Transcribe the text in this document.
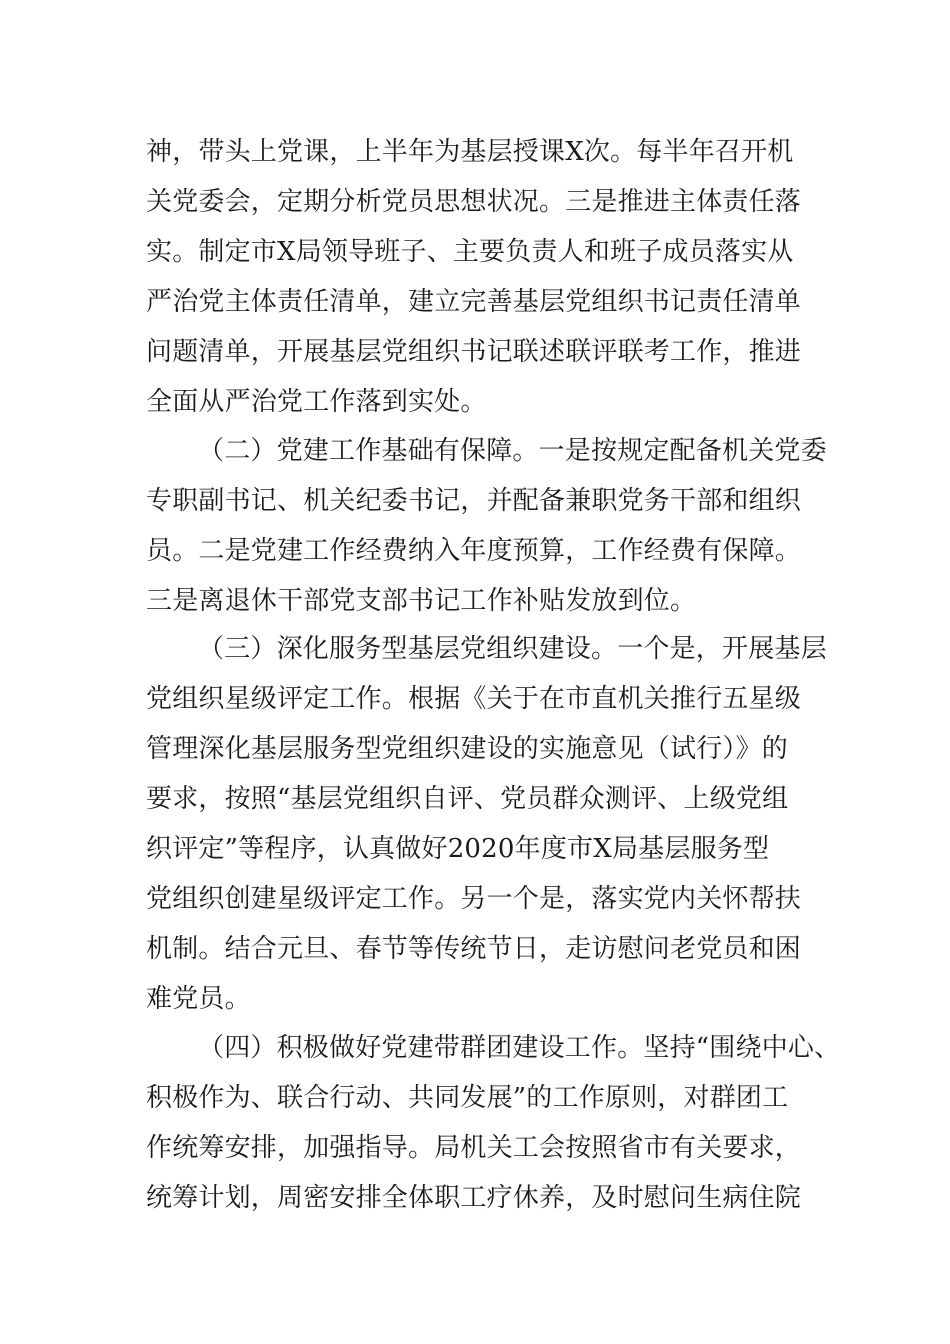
神，带头上党课，上半年为基层授课X次。每半年召开机
关党委会，定期分析党员思想状况。三是推进主体责任落
实。制定市X局领导班子、主要负责人和班子成员落实从
严治党主体责任清单，建立完善基层党组织书记责任清单
问题清单，开展基层党组织书记联述联评联考工作，推进
全面从严治党工作落到实处。
（二）党建工作基础有保障。一是按规定配备机关党委
专职副书记、机关纪委书记，并配备兼职党务干部和组织
员。二是党建工作经费纳入年度预算，工作经费有保障。
三是离退休干部党支部书记工作补贴发放到位。
（三）深化服务型基层党组织建设。一个是，开展基层
党组织星级评定工作。根据《关于在市直机关推行五星级
管理深化基层服务型党组织建设的实施意见（试行）》的
要求，按照“基层党组织自评、党员群众测评、上级党组
织评定”等程序，认真做好2020年度市X局基层服务型
党组织创建星级评定工作。另一个是，落实党内关怀帮扶
机制。结合元旦、春节等传统节日，走访慰问老党员和困
难党员。
（四）积极做好党建带群团建设工作。坚持“围绕中心、
积极作为、联合行动、共同发展”的工作原则，对群团工
作统筹安排，加强指导。局机关工会按照省市有关要求，
统筹计划，周密安排全体职工疗休养，及时慰问生病住院
